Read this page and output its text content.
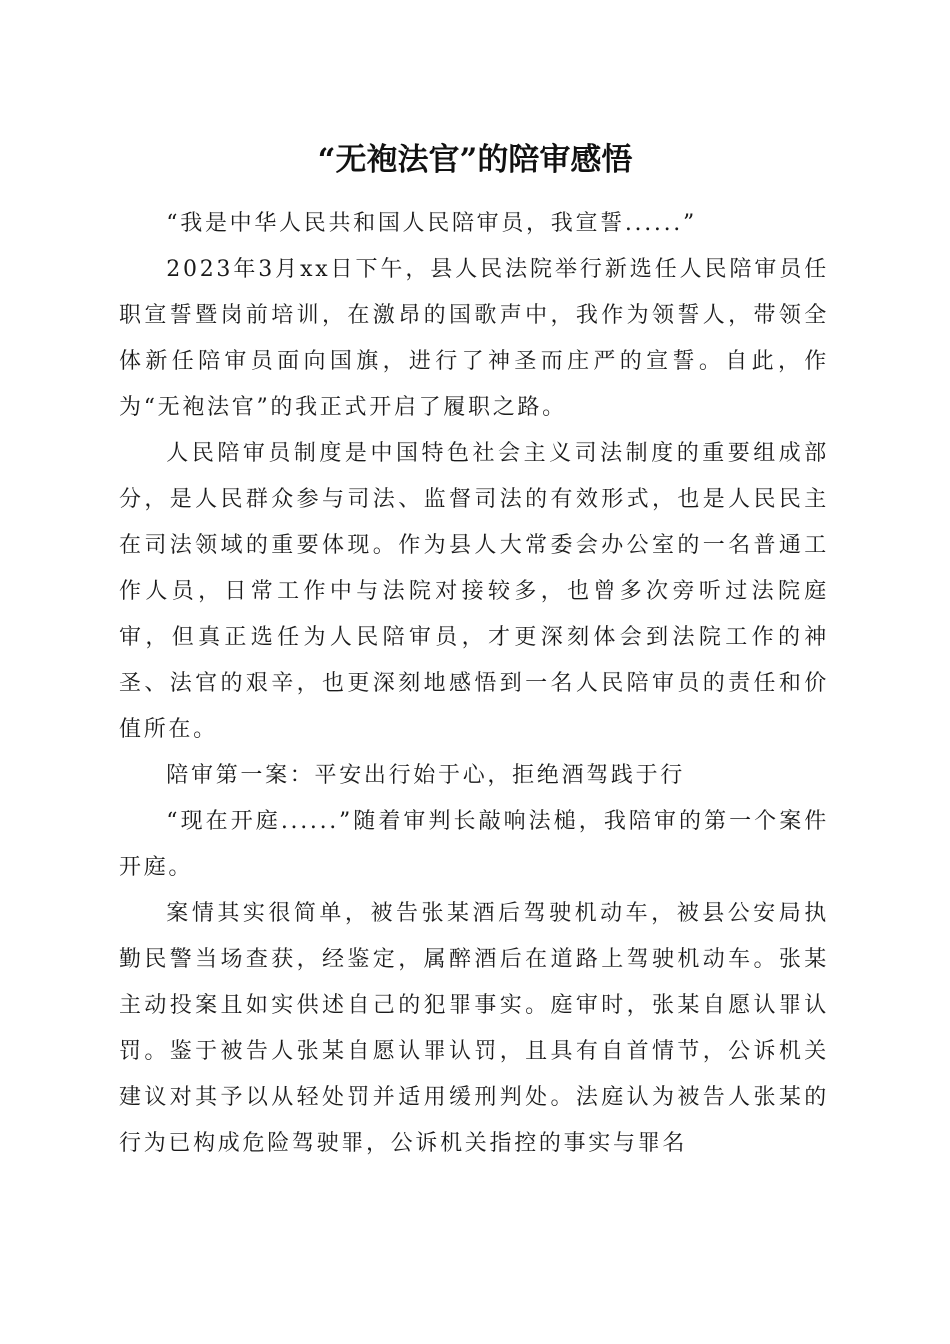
“无袍法官”的陪审感悟

“我是中华人民共和国人民陪审员，我宣誓......”

2023年3月xx日下午，县人民法院举行新选任人民陪审员任职宣誓暨岗前培训，在激昂的国歌声中，我作为领誓人，带领全体新任陪审员面向国旗，进行了神圣而庄严的宣誓。自此，作为“无袍法官”的我正式开启了履职之路。

人民陪审员制度是中国特色社会主义司法制度的重要组成部分，是人民群众参与司法、监督司法的有效形式，也是人民民主在司法领域的重要体现。作为县人大常委会办公室的一名普通工作人员，日常工作中与法院对接较多，也曾多次旁听过法院庭审，但真正选任为人民陪审员，才更深刻体会到法院工作的神圣、法官的艰辛，也更深刻地感悟到一名人民陪审员的责任和价值所在。

陪审第一案：平安出行始于心，拒绝酒驾践于行

“现在开庭......”随着审判长敲响法槌，我陪审的第一个案件开庭。

案情其实很简单，被告张某酒后驾驶机动车，被县公安局执勤民警当场查获，经鉴定，属醉酒后在道路上驾驶机动车。张某主动投案且如实供述自己的犯罪事实。庭审时，张某自愿认罪认罚。鉴于被告人张某自愿认罪认罚，且具有自首情节，公诉机关建议对其予以从轻处罚并适用缓刑判处。法庭认为被告人张某的行为已构成危险驾驶罪，公诉机关指控的事实与罪名
